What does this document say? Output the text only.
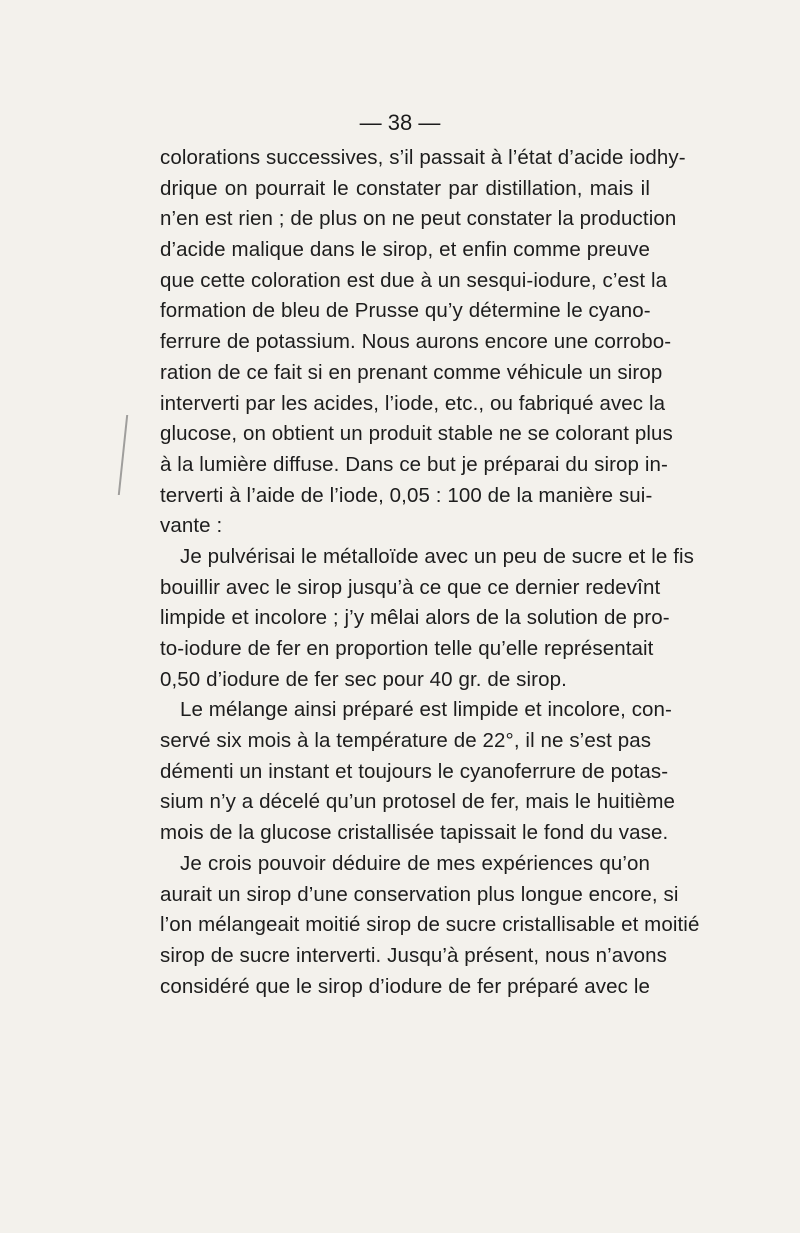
— 38 —
colorations successives, s’il passait à l’état d’acide iodhy-
drique on pourrait le constater par distillation, mais il
n’en est rien ; de plus on ne peut constater la production
d’acide malique dans le sirop, et enfin comme preuve
que cette coloration est due à un sesqui-iodure, c’est la
formation de bleu de Prusse qu’y détermine le cyano-
ferrure de potassium. Nous aurons encore une corrobo-
ration de ce fait si en prenant comme véhicule un sirop
interverti par les acides, l’iode, etc., ou fabriqué avec la
glucose, on obtient un produit stable ne se colorant plus
à la lumière diffuse. Dans ce but je préparai du sirop in-
terverti à l’aide de l’iode, 0,05 : 100 de la manière sui-
vante :
Je pulvérisai le métalloïde avec un peu de sucre et le fis
bouillir avec le sirop jusqu’à ce que ce dernier redevînt
limpide et incolore ; j’y mêlai alors de la solution de pro-
to-iodure de fer en proportion telle qu’elle représentait
0,50 d’iodure de fer sec pour 40 gr. de sirop.
Le mélange ainsi préparé est limpide et incolore, con-
servé six mois à la température de 22°, il ne s’est pas
démenti un instant et toujours le cyanoferrure de potas-
sium n’y a décelé qu’un protosel de fer, mais le huitième
mois de la glucose cristallisée tapissait le fond du vase.
Je crois pouvoir déduire de mes expériences qu’on
aurait un sirop d’une conservation plus longue encore, si
l’on mélangeait moitié sirop de sucre cristallisable et moitié
sirop de sucre interverti. Jusqu’à présent, nous n’avons
considéré que le sirop d’iodure de fer préparé avec le
